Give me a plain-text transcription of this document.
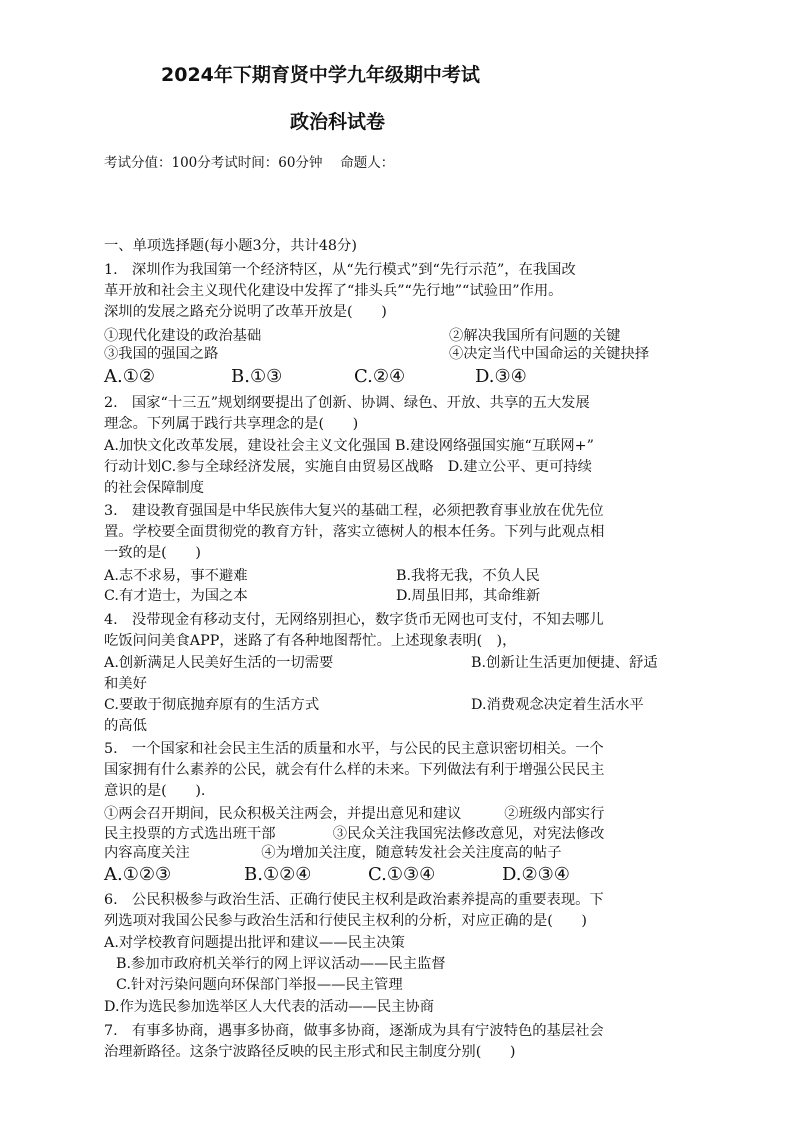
2024年下期育贤中学九年级期中考试
政治科试卷
考试分值：100分考试时间：60分钟　 命题人：
一、单项选择题(每小题3分，共计48分)
1.　深圳作为我国第一个经济特区，从“先行模式”到“先行示范”，在我国改
革开放和社会主义现代化建设中发挥了“排头兵”“先行地”“试验田”作用。
深圳的发展之路充分说明了改革开放是(　　)
①现代化建设的政治基础	②解决我国所有问题的关键
③我国的强国之路	④决定当代中国命运的关键抉择
A.①②	B.①③	C.②④	D.③④
2.　国家“十三五”规划纲要提出了创新、协调、绿色、开放、共享的五大发展
理念。下列属于践行共享理念的是(　　)
A.加快文化改革发展，建设社会主义文化强国 B.建设网络强国实施“互联网+”
行动计划C.参与全球经济发展，实施自由贸易区战略　D.建立公平、更可持续
的社会保障制度
3.　建设教育强国是中华民族伟大复兴的基础工程，必须把教育事业放在优先位
置。学校要全面贯彻党的教育方针，落实立德树人的根本任务。下列与此观点相
一致的是(　　)
A.志不求易，事不避难	B.我将无我，不负人民
C.有才造士，为国之本	D.周虽旧邦，其命维新
4.　没带现金有移动支付，无网络别担心，数字货币无网也可支付，不知去哪儿
吃饭问问美食APP，迷路了有各种地图帮忙。上述现象表明(　)，
A.创新满足人民美好生活的一切需要	B.创新让生活更加便捷、舒适
和美好
C.要敢于彻底抛弃原有的生活方式	D.消费观念决定着生活水平
的高低
5.　一个国家和社会民主生活的质量和水平，与公民的民主意识密切相关。一个
国家拥有什么素养的公民，就会有什么样的未来。下列做法有利于增强公民民主
意识的是(　　).
①两会召开期间，民众积极关注两会，并提出意见和建议　　　②班级内部实行
民主投票的方式选出班干部　　　　③民众关注我国宪法修改意见，对宪法修改
内容高度关注　　　　　④为增加关注度，随意转发社会关注度高的帖子
A.①②③	B.①②④	C.①③④	D.②③④
6.　公民积极参与政治生活、正确行使民主权利是政治素养提高的重要表现。下
列选项对我国公民参与政治生活和行使民主权利的分析，对应正确的是(　　)
A.对学校教育问题提出批评和建议——民主决策
B.参加市政府机关举行的网上评议活动——民主监督
C.针对污染问题向环保部门举报——民主管理
D.作为选民参加选举区人大代表的活动——民主协商
7.　有事多协商，遇事多协商，做事多协商，逐渐成为具有宁波特色的基层社会
治理新路径。这条宁波路径反映的民主形式和民主制度分别(　　)
